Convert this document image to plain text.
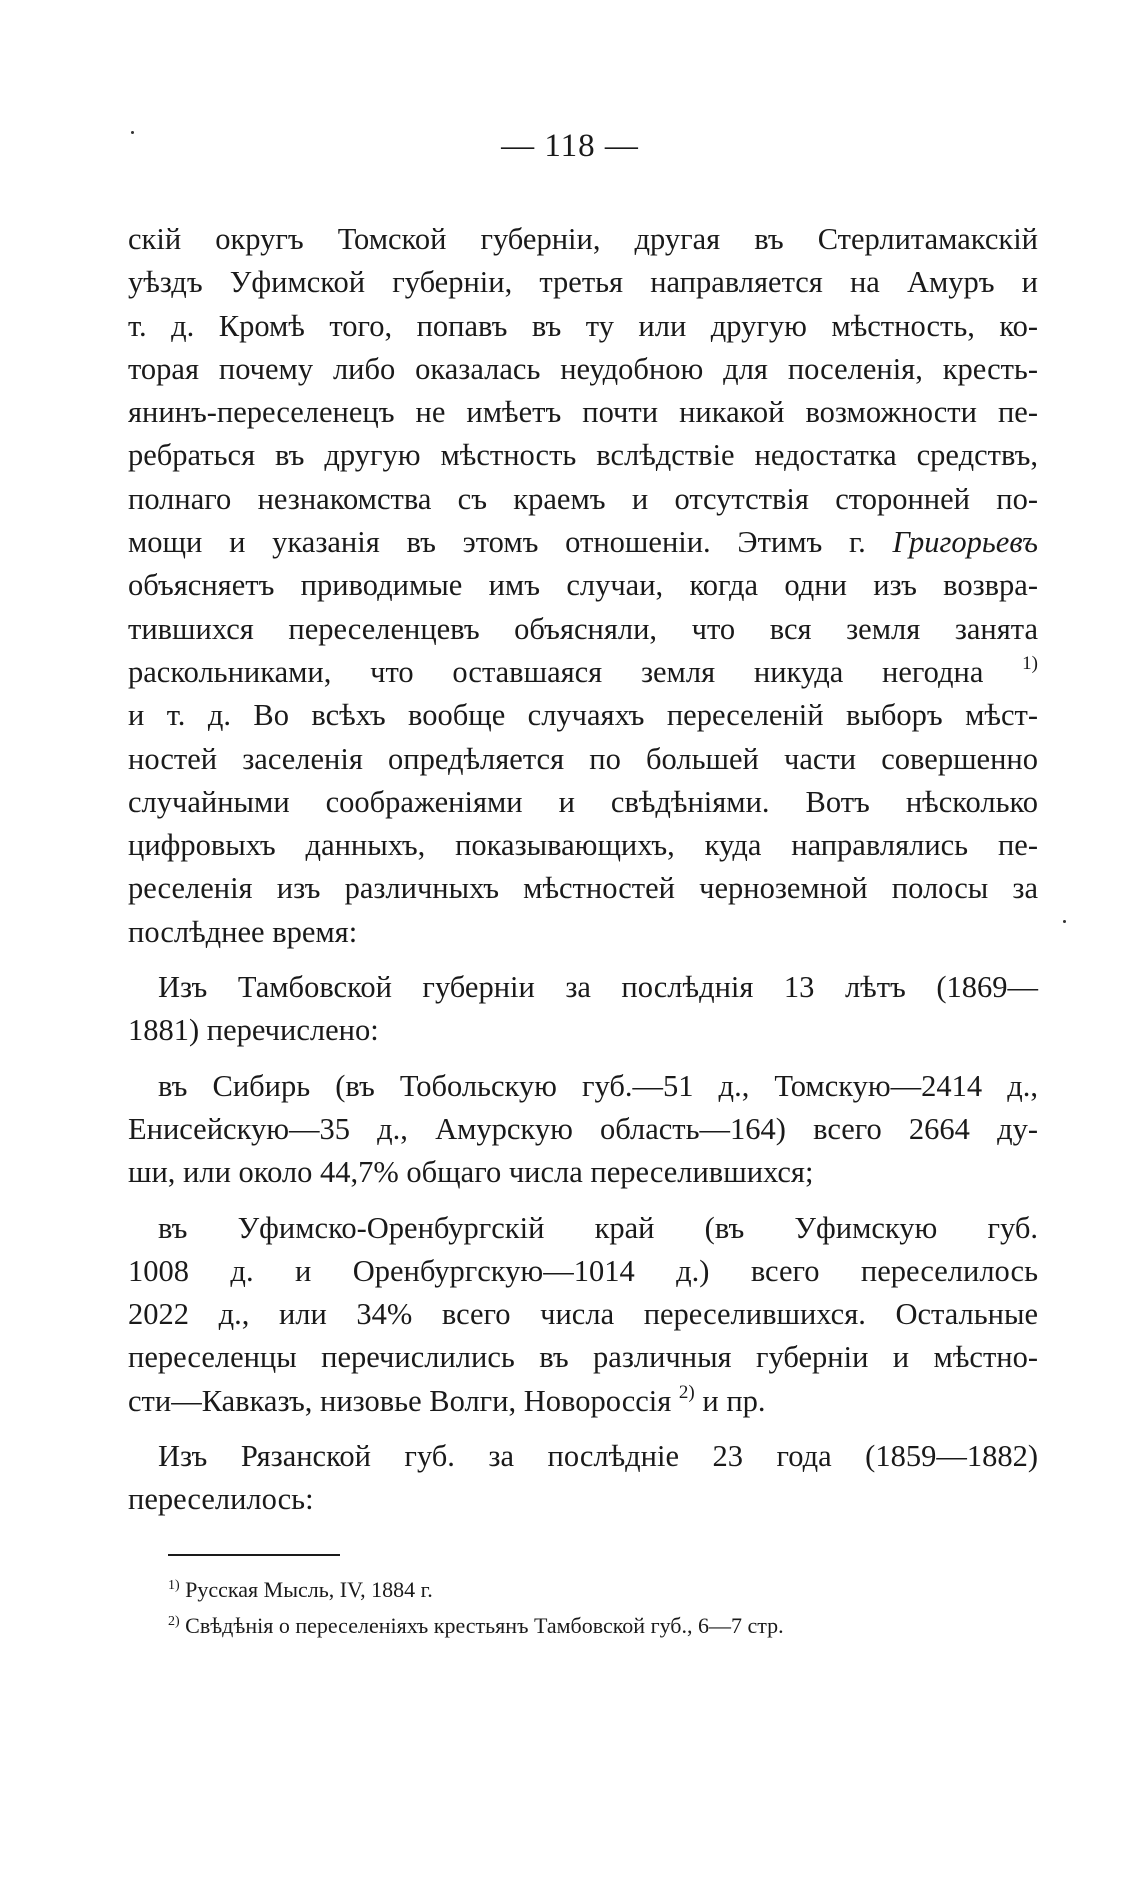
— 118 —
скій округъ Томской губерніи, другая въ Стерлитамакскій
уѣздъ Уфимской губерніи, третья направляется на Амуръ и
т. д. Кромѣ того, попавъ въ ту или другую мѣстность, ко-
торая почему либо оказалась неудобною для поселенія, кресть-
янинъ-переселенецъ не имѣетъ почти никакой возможности пе-
ребраться въ другую мѣстность вслѣдствіе недостатка средствъ,
полнаго незнакомства съ краемъ и отсутствія сторонней по-
мощи и указанія въ этомъ отношеніи. Этимъ г. Григорьевъ
объясняетъ приводимые имъ случаи, когда одни изъ возвра-
тившихся переселенцевъ объясняли, что вся земля занята
раскольниками, что оставшаяся земля никуда негодна $^{1)}$
и т. д. Во всѣхъ вообще случаяхъ переселеній выборъ мѣст-
ностей заселенія опредѣляется по большей части совершенно
случайными соображеніями и свѣдѣніями. Вотъ нѣсколько
цифровыхъ данныхъ, показывающихъ, куда направлялись пе-
реселенія изъ различныхъ мѣстностей черноземной полосы за
послѣднее время:
Изъ Тамбовской губерніи за послѣднія 13 лѣтъ (1869—
1881) перечислено:
въ Сибирь (въ Тобольскую губ.—51 д., Томскую—2414 д.,
Енисейскую—35 д., Амурскую область—164) всего 2664 ду-
ши, или около 44,7% общаго числа переселившихся;
въ Уфимско-Оренбургскій край (въ Уфимскую губ.
1008 д. и Оренбургскую—1014 д.) всего переселилось
2022 д., или 34% всего числа переселившихся. Остальные
переселенцы перечислились въ различныя губерніи и мѣстно-
сти—Кавказъ, низовье Волги, Новороссія $^{2)}$ и пр.
Изъ Рязанской губ. за послѣдніе 23 года (1859—1882)
переселилось:
$^{1)}$ Русская Мысль, IV, 1884 г.
$^{2)}$ Свѣдѣнія о переселеніяхъ крестьянъ Тамбовской губ., 6—7 стр.
